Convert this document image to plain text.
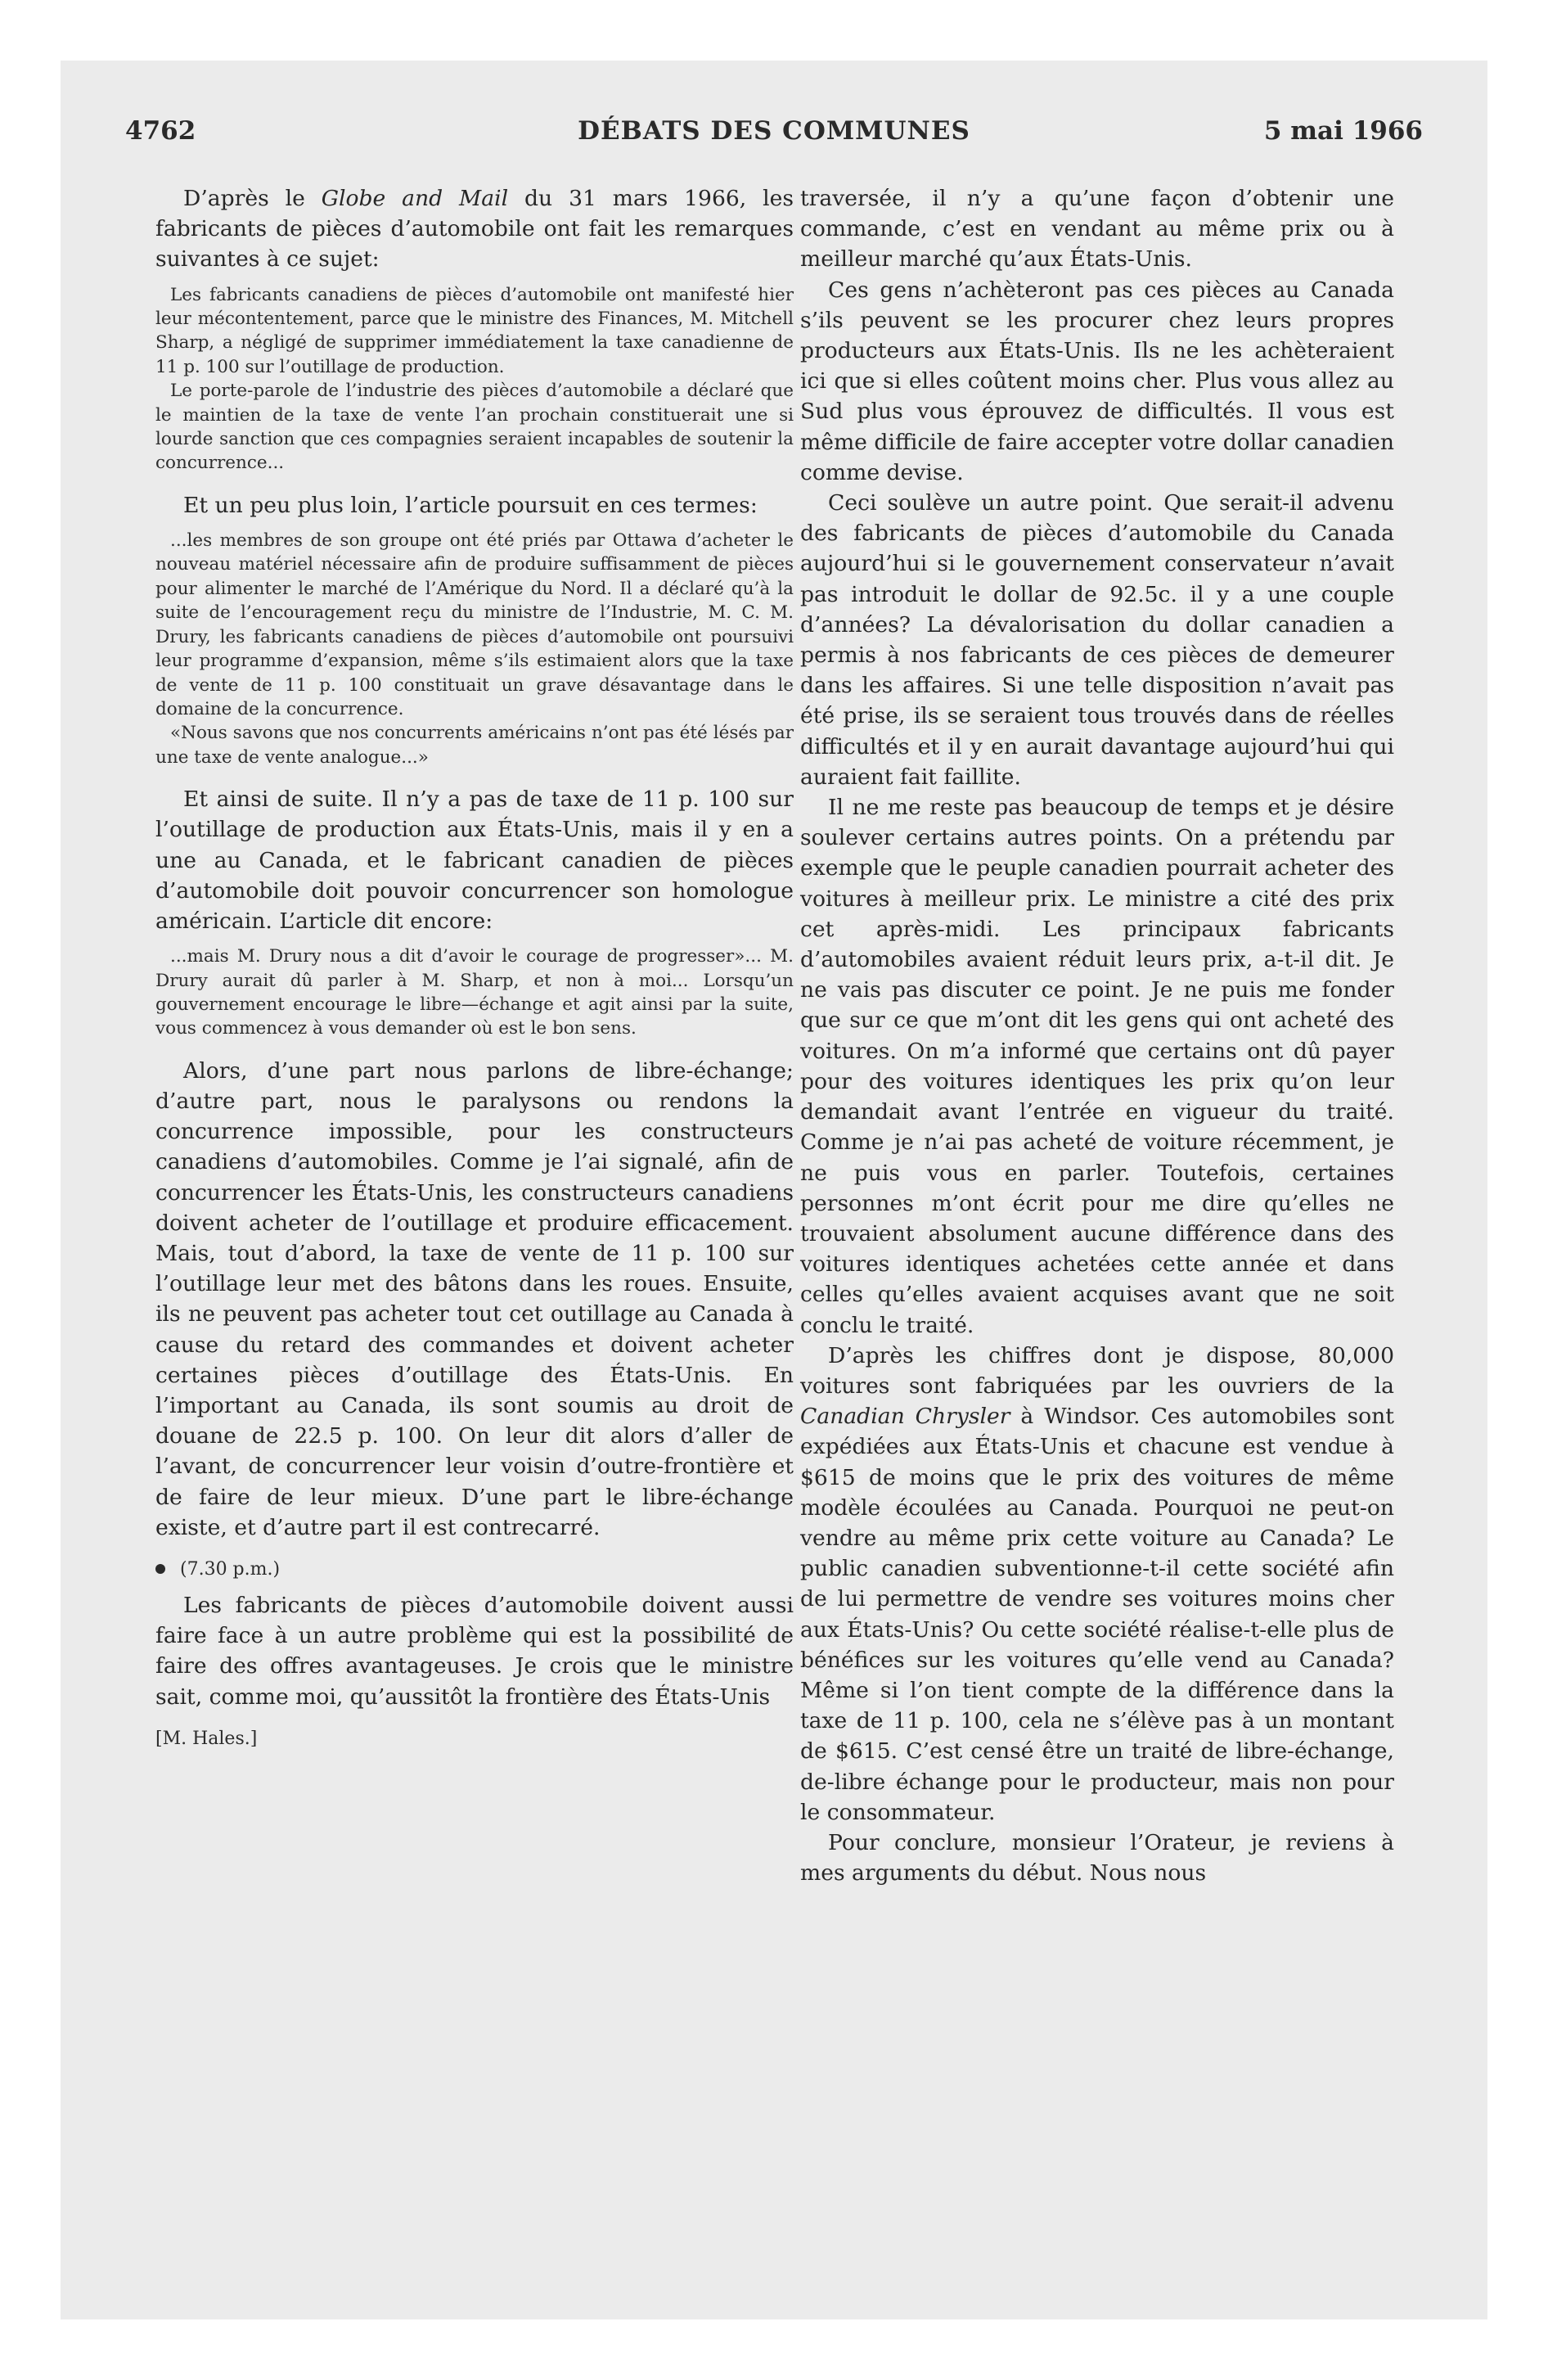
4762	DÉBATS DES COMMUNES	5 mai 1966

D’après le Globe and Mail du 31 mars 1966, les fabricants de pièces d’automobile ont fait les remarques suivantes à ce sujet:

Les fabricants canadiens de pièces d’automobile ont manifesté hier leur mécontentement, parce que le ministre des Finances, M. Mitchell Sharp, a négligé de supprimer immédiatement la taxe canadienne de 11 p. 100 sur l’outillage de production.

Le porte-parole de l’industrie des pièces d’automobile a déclaré que le maintien de la taxe de vente l’an prochain constituerait une si lourde sanction que ces compagnies seraient incapables de soutenir la concurrence...

Et un peu plus loin, l’article poursuit en ces termes:

...les membres de son groupe ont été priés par Ottawa d’acheter le nouveau matériel nécessaire afin de produire suffisamment de pièces pour alimenter le marché de l’Amérique du Nord. Il a déclaré qu’à la suite de l’encouragement reçu du ministre de l’Industrie, M. C. M. Drury, les fabricants canadiens de pièces d’automobile ont poursuivi leur programme d’expansion, même s’ils estimaient alors que la taxe de vente de 11 p. 100 constituait un grave désavantage dans le domaine de la concurrence.

«Nous savons que nos concurrents américains n’ont pas été lésés par une taxe de vente analogue...»

Et ainsi de suite. Il n’y a pas de taxe de 11 p. 100 sur l’outillage de production aux États-Unis, mais il y en a une au Canada, et le fabricant canadien de pièces d’automobile doit pouvoir concurrencer son homologue américain. L’article dit encore:

...mais M. Drury nous a dit d’avoir le courage de progresser»... M. Drury aurait dû parler à M. Sharp, et non à moi... Lorsqu’un gouvernement encourage le libre—échange et agit ainsi par la suite, vous commencez à vous demander où est le bon sens.

Alors, d’une part nous parlons de libre-échange; d’autre part, nous le paralysons ou rendons la concurrence impossible, pour les constructeurs canadiens d’automobiles. Comme je l’ai signalé, afin de concurrencer les États-Unis, les constructeurs canadiens doivent acheter de l’outillage et produire efficacement. Mais, tout d’abord, la taxe de vente de 11 p. 100 sur l’outillage leur met des bâtons dans les roues. Ensuite, ils ne peuvent pas acheter tout cet outillage au Canada à cause du retard des commandes et doivent acheter certaines pièces d’outillage des États-Unis. En l’important au Canada, ils sont soumis au droit de douane de 22.5 p. 100. On leur dit alors d’aller de l’avant, de concurrencer leur voisin d’outre-frontière et de faire de leur mieux. D’une part le libre-échange existe, et d’autre part il est contrecarré.

(7.30 p.m.)

Les fabricants de pièces d’automobile doivent aussi faire face à un autre problème qui est la possibilité de faire des offres avantageuses. Je crois que le ministre sait, comme moi, qu’aussitôt la frontière des États-Unis

[M. Hales.]

traversée, il n’y a qu’une façon d’obtenir une commande, c’est en vendant au même prix ou à meilleur marché qu’aux États-Unis.

Ces gens n’achèteront pas ces pièces au Canada s’ils peuvent se les procurer chez leurs propres producteurs aux États-Unis. Ils ne les achèteraient ici que si elles coûtent moins cher. Plus vous allez au Sud plus vous éprouvez de difficultés. Il vous est même difficile de faire accepter votre dollar canadien comme devise.

Ceci soulève un autre point. Que serait-il advenu des fabricants de pièces d’automobile du Canada aujourd’hui si le gouvernement conservateur n’avait pas introduit le dollar de 92.5c. il y a une couple d’années? La dévalorisation du dollar canadien a permis à nos fabricants de ces pièces de demeurer dans les affaires. Si une telle disposition n’avait pas été prise, ils se seraient tous trouvés dans de réelles difficultés et il y en aurait davantage aujourd’hui qui auraient fait faillite.

Il ne me reste pas beaucoup de temps et je désire soulever certains autres points. On a prétendu par exemple que le peuple canadien pourrait acheter des voitures à meilleur prix. Le ministre a cité des prix cet après-midi. Les principaux fabricants d’automobiles avaient réduit leurs prix, a-t-il dit. Je ne vais pas discuter ce point. Je ne puis me fonder que sur ce que m’ont dit les gens qui ont acheté des voitures. On m’a informé que certains ont dû payer pour des voitures identiques les prix qu’on leur demandait avant l’entrée en vigueur du traité. Comme je n’ai pas acheté de voiture récemment, je ne puis vous en parler. Toutefois, certaines personnes m’ont écrit pour me dire qu’elles ne trouvaient absolument aucune différence dans des voitures identiques achetées cette année et dans celles qu’elles avaient acquises avant que ne soit conclu le traité.

D’après les chiffres dont je dispose, 80,000 voitures sont fabriquées par les ouvriers de la Canadian Chrysler à Windsor. Ces automobiles sont expédiées aux États-Unis et chacune est vendue à $615 de moins que le prix des voitures de même modèle écoulées au Canada. Pourquoi ne peut-on vendre au même prix cette voiture au Canada? Le public canadien subventionne-t-il cette société afin de lui permettre de vendre ses voitures moins cher aux États-Unis? Ou cette société réalise-t-elle plus de bénéfices sur les voitures qu’elle vend au Canada? Même si l’on tient compte de la différence dans la taxe de 11 p. 100, cela ne s’élève pas à un montant de $615. C’est censé être un traité de libre-échange, de-libre échange pour le producteur, mais non pour le consommateur.

Pour conclure, monsieur l’Orateur, je reviens à mes arguments du début. Nous nous
